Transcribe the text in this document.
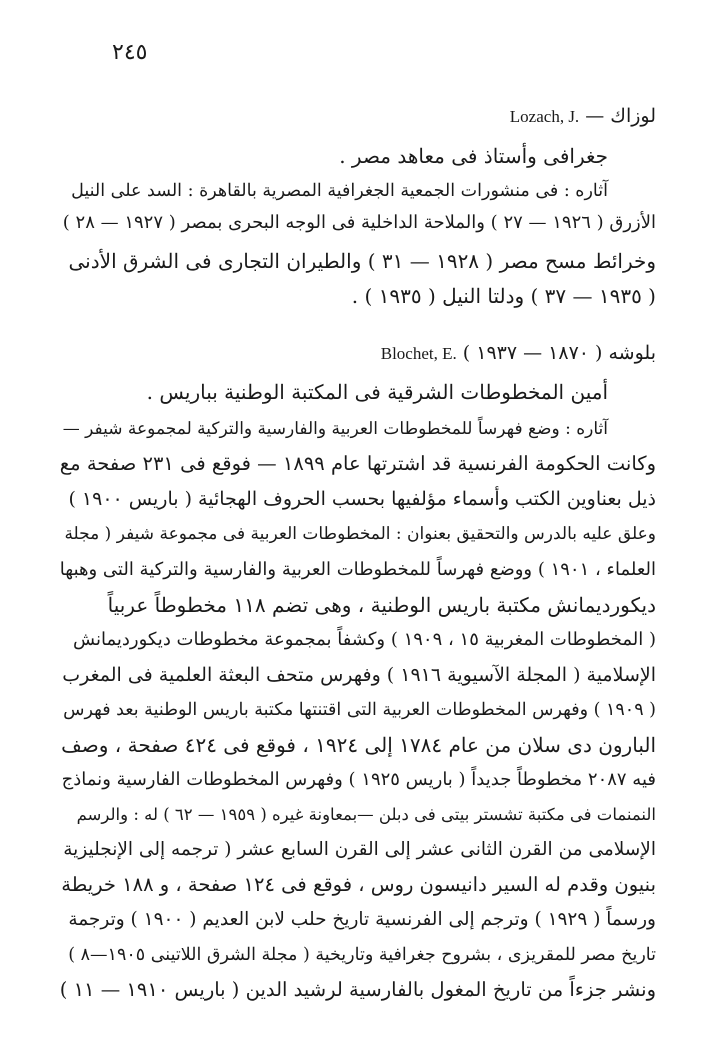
٢٤٥
لوزاك — Lozach, J.
جغرافى وأستاذ فى معاهد مصر .
آثاره : فى منشورات الجمعية الجغرافية المصرية بالقاهرة : السد على النيل
الأزرق ( ١٩٢٦ — ٢٧ ) والملاحة الداخلية فى الوجه البحرى بمصر ( ١٩٢٧ — ٢٨ )
وخرائط مسح مصر ( ١٩٢٨ — ٣١ ) والطيران التجارى فى الشرق الأدنى
( ١٩٣٥ — ٣٧ ) ودلتا النيل ( ١٩٣٥ ) .
بلوشه ( ١٨٧٠ — ١٩٣٧ ) Blochet, E.
أمين المخطوطات الشرقية فى المكتبة الوطنية بباريس .
آثاره : وضع فهرساً للمخطوطات العربية والفارسية والتركية لمجموعة شيفر —
وكانت الحكومة الفرنسية قد اشترتها عام ١٨٩٩ — فوقع فى ٢٣١ صفحة مع
ذيل بعناوين الكتب وأسماء مؤلفيها بحسب الحروف الهجائية ( باريس ١٩٠٠ )
وعلق عليه بالدرس والتحقيق بعنوان : المخطوطات العربية فى مجموعة شيفر ( مجلة
العلماء ، ١٩٠١ ) ووضع فهرساً للمخطوطات العربية والفارسية والتركية التى وهبها
ديكورديمانش مكتبة باريس الوطنية ، وهى تضم ١١٨ مخطوطاً عربياً
( المخطوطات المغربية ١٥ ، ١٩٠٩ ) وكشفاً بمجموعة مخطوطات ديكورديمانش
الإسلامية ( المجلة الآسيوية ١٩١٦ ) وفهرس متحف البعثة العلمية فى المغرب
( ١٩٠٩ ) وفهرس المخطوطات العربية التى اقتنتها مكتبة باريس الوطنية بعد فهرس
البارون دى سلان من عام ١٧٨٤ إلى ١٩٢٤ ، فوقع فى ٤٢٤ صفحة ، وصف
فيه ٢٠٨٧ مخطوطاً جديداً ( باريس ١٩٢٥ ) وفهرس المخطوطات الفارسية ونماذج
النمنمات فى مكتبة تشستر بيتى فى دبلن —بمعاونة غيره ( ١٩٥٩ — ٦٢ ) له : والرسم
الإسلامى من القرن الثانى عشر إلى القرن السابع عشر ( ترجمه إلى الإنجليزية
بنيون وقدم له السير دانيسون روس ، فوقع فى ١٢٤ صفحة ، و ١٨٨ خريطة
ورسماً ( ١٩٢٩ ) وترجم إلى الفرنسية تاريخ حلب لابن العديم ( ١٩٠٠ ) وترجمة
تاريخ مصر للمقريزى ، بشروح جغرافية وتاريخية ( مجلة الشرق اللاتينى ١٩٠٥—٨ )
ونشر جزءاً من تاريخ المغول بالفارسية لرشيد الدين ( باريس ١٩١٠ — ١١ )
